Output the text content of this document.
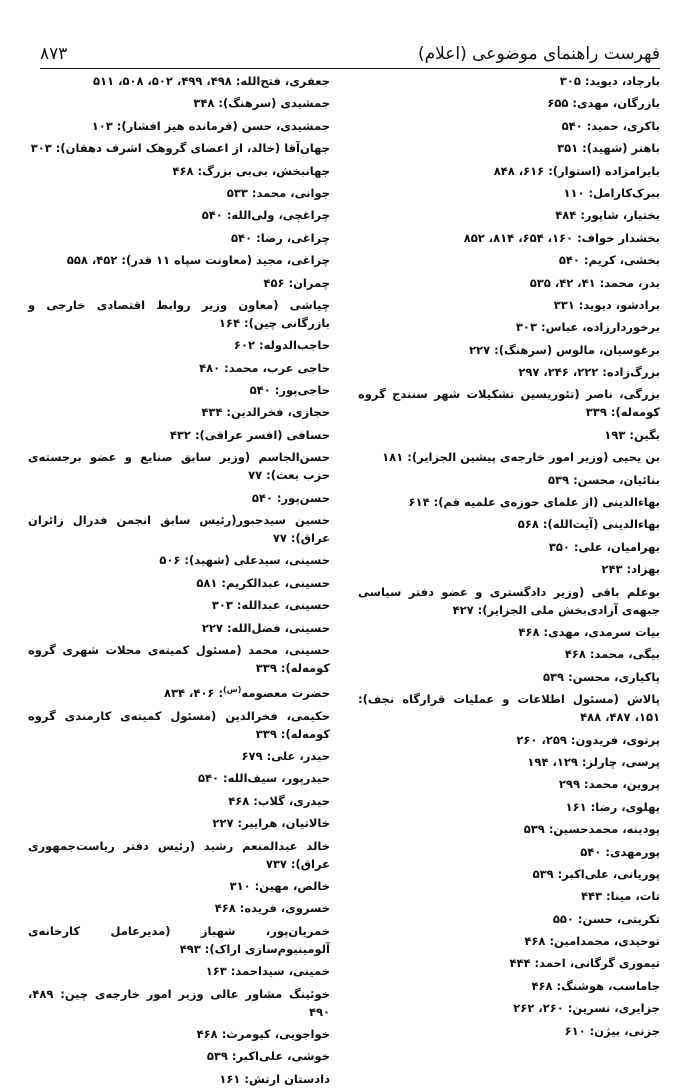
فهرست راهنمای موضوعی (اعلام)
۸۷۳
بارچاد، دیوید: ۳۰۵
بازرگان، مهدی: ۶۵۵
باکری، حمید: ۵۴۰
باهنر (شهید): ۳۵۱
بایرامزاده (استوار): ۶۱۶، ۸۴۸
ببرک‌کارامل: ۱۱۰
بختیار، شاپور: ۴۸۴
بخشدار خواف: ۱۶۰، ۶۵۴، ۸۱۴، ۸۵۲
بخشی، کریم: ۵۴۰
بدر، محمد: ۴۱، ۴۲، ۵۳۵
برادشو، دیوید: ۳۳۱
برخوردارزاده، عباس: ۳۰۳
برغوسیان، مالوس (سرهنگ): ۲۲۷
بزرگ‌زاده: ۲۲۲، ۲۴۶، ۲۹۷
بزرگی، ناصر (تئوریسین تشکیلات شهر سنندج گروه کومه‌له): ۳۳۹
بگین: ۱۹۳
بن یحیی (وزیر امور خارجه‌ی پیشین الجزایر): ۱۸۱
بنائیان، محسن: ۵۳۹
بهاءالدینی (از علمای حوزه‌ی علمیه قم): ۶۱۴
بهاءالدینی (آیت‌الله): ۵۶۸
بهرامیان، علی: ۳۵۰
بهزاد: ۲۴۳
بوعلم باقی (وزیر دادگستری و عضو دفتر سیاسی جبهه‌ی آزادی‌بخش ملی الجزایر): ۴۲۷
بیات سرمدی، مهدی: ۴۶۸
بیگی، محمد: ۴۶۸
پاکیاری، محسن: ۵۳۹
پالاش (مسئول اطلاعات و عملیات قرارگاه نجف): ۱۵۱، ۴۸۷، ۴۸۸
پرتوی، فریدون: ۲۵۹، ۲۶۰
پرسی، چارلز: ۱۲۹، ۱۹۴
پروین، محمد: ۲۹۹
پهلوی، رضا: ۱۶۱
پودینه، محمدحسین: ۵۳۹
پورمهدی: ۵۴۰
پوریانی، علی‌اکبر: ۵۳۹
تات، مینا: ۴۴۳
تکریتی، حسن: ۵۵۰
توحیدی، محمدامین: ۴۶۸
تیموری گرگانی، احمد: ۴۴۴
جاماسب، هوشنگ: ۴۶۸
جزایری، نسرین: ۲۶۰، ۲۶۲
جزنی، بیژن: ۶۱۰
جعفری، فتح‌الله: ۴۹۸، ۴۹۹، ۵۰۲، ۵۰۸، ۵۱۱
جمشیدی (سرهنگ): ۳۴۸
جمشیدی، حسن (فرمانده هیز افشار): ۱۰۳
جهان‌آقا (خالد، از اعضای گروهک اشرف دهقان): ۳۰۳
جهانبخش، بی‌بی بزرگ: ۴۶۸
جوانی، محمد: ۵۳۳
چراغچی، ولی‌الله: ۵۴۰
چراغی، رضا: ۵۴۰
چراغی، مجید (معاونت سپاه ۱۱ قدر): ۴۵۲، ۵۵۸
چمران: ۴۵۶
چیاشی (معاون وزیر روابط اقتصادی خارجی و بازرگانی چین): ۱۶۴
حاجب‌الدوله: ۶۰۲
حاجی عرب، محمد: ۴۸۰
حاجی‌پور: ۵۴۰
حجازی، فخرالدین: ۴۳۴
حسافی (افسر عراقی): ۴۳۲
حسن‌الجاسم (وزیر سابق صنایع و عضو برجسته‌ی حزب بعث): ۷۷
حسن‌پور: ۵۴۰
حسین سیدجبور(رئیس سابق انجمن فدرال زائران عراق): ۷۷
حسینی، سیدعلی (شهید): ۵۰۶
حسینی، عبدالکریم: ۵۸۱
حسینی، عبدالله: ۳۰۳
حسینی، فضل‌الله: ۲۲۷
حسینی، محمد (مسئول کمیته‌ی محلات شهری گروه کومه‌له): ۳۳۹
حضرت معصومه$^{(س)}$: ۴۰۶، ۸۳۴
حکیمی، فخرالدین (مسئول کمیته‌ی کارمندی گروه کومه‌له): ۳۳۹
حیدر، علی: ۶۷۹
حیدرپور، سیف‌الله: ۵۴۰
حیدری، گلاب: ۴۶۸
خالاتیان، هراییر: ۲۲۷
خالد عبدالمنعم رشید (رئیس دفتر ریاست‌جمهوری عراق): ۷۳۷
خالص، مهین: ۳۱۰
خسروی، فریده: ۴۶۸
خمریان‌پور، شهباز (مدیرعامل کارخانه‌ی آلومینیوم‌سازی اراک): ۴۹۳
خمینی، سیداحمد: ۱۶۳
خوئینگ مشاور عالی وزیر امور خارجه‌ی چین: ۴۸۹، ۴۹۰
خواجویی، کیومرث: ۴۶۸
خوشی، علی‌اکبر: ۵۳۹
دادستان ارتش: ۱۶۱
